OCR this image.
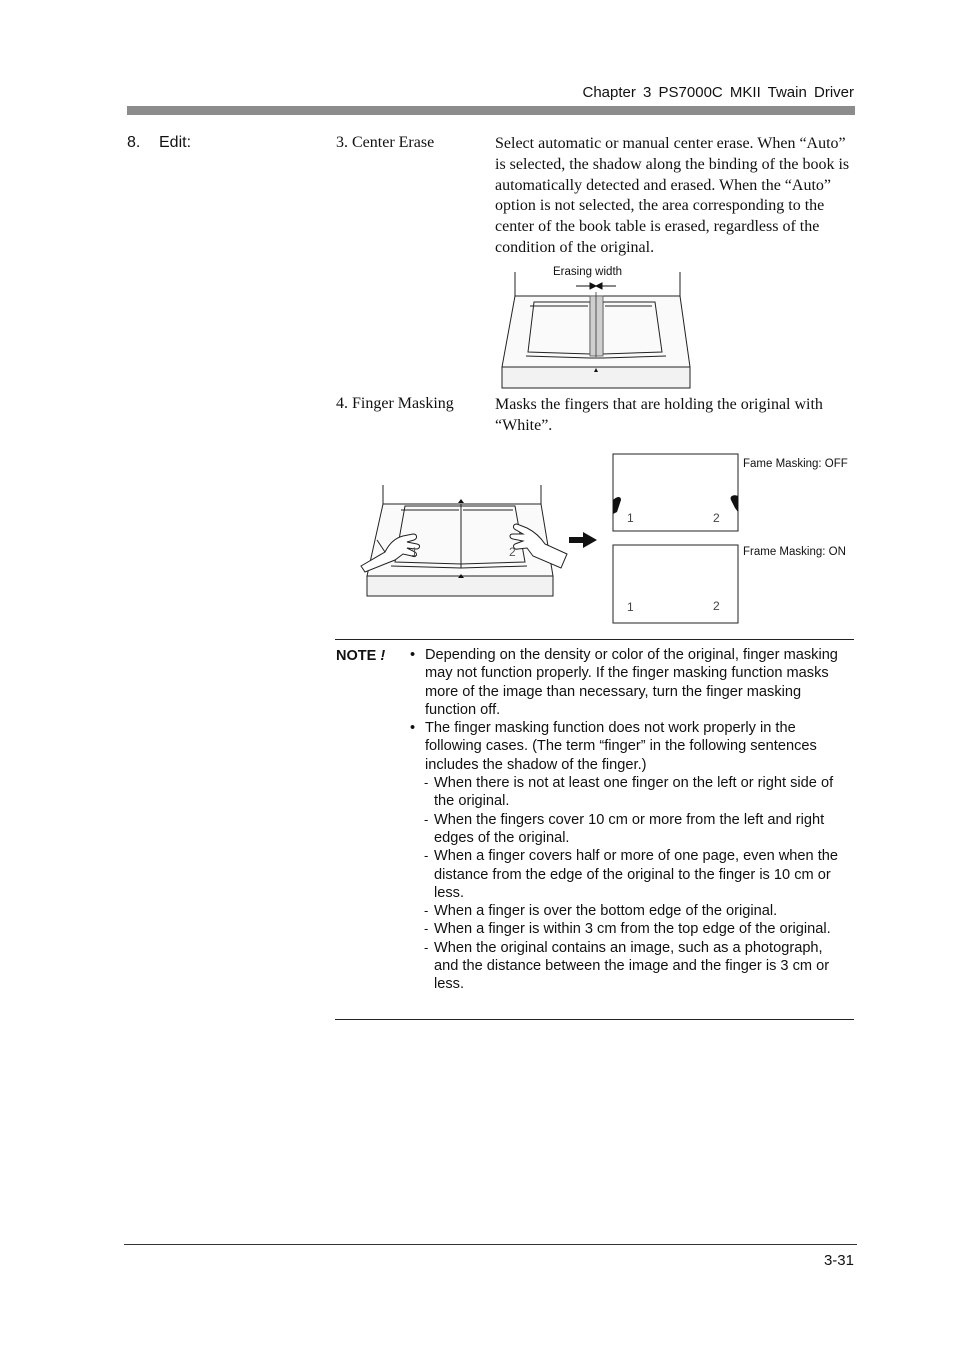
Chapter 3 PS7000C MKII Twain Driver
8. Edit:	3. Center Erase	Select automatic or manual center erase. When “Auto” is selected, the shadow along the binding of the book is automatically detected and erased. When the “Auto” option is not selected, the area corresponding to the center of the book table is erased, regardless of the condition of the original.
Erasing width
4. Finger Masking	Masks the fingers that are holding the original with “White”.
1	2
1	2
Fame Masking: OFF
1	2
Frame Masking: ON
NOTE !	• Depending on the density or color of the original, finger masking may not function properly. If the finger masking function masks more of the image than necessary, turn the finger masking function off.

• The finger masking function does not work properly in the following cases. (The term “finger” in the following sentences includes the shadow of the finger.)

- When there is not at least one finger on the left or right side of the original.

- When the fingers cover 10 cm or more from the left and right edges of the original.

- When a finger covers half or more of one page, even when the distance from the edge of the original to the finger is 10 cm or less.

- When a finger is over the bottom edge of the original.

- When a finger is within 3 cm from the top edge of the original.

- When the original contains an image, such as a photograph, and the distance between the image and the finger is 3 cm or less.

3-31
